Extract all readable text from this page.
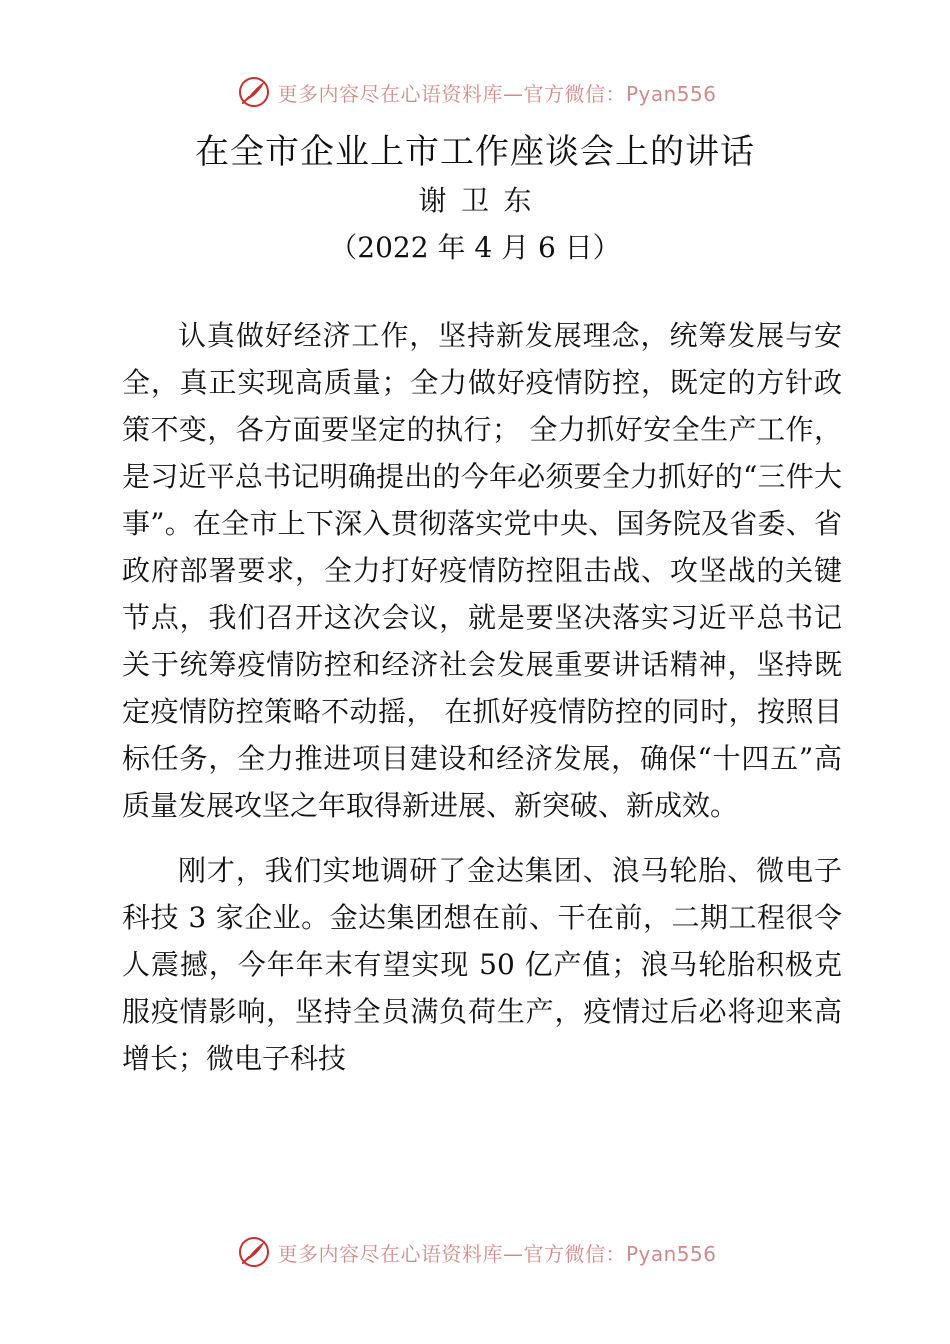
更多内容尽在心语资料库—官方微信：Pyan556
在全市企业上市工作座谈会上的讲话
谢 卫 东
（2022 年 4 月 6 日）

认真做好经济工作，坚持新发展理念，统筹发展与安全，真正实现高质量；全力做好疫情防控，既定的方针政策不变，各方面要坚定的执行； 全力抓好安全生产工作，是习近平总书记明确提出的今年必须要全力抓好的“三件大事”。在全市上下深入贯彻落实党中央、国务院及省委、省政府部署要求，全力打好疫情防控阻击战、攻坚战的关键节点，我们召开这次会议，就是要坚决落实习近平总书记关于统筹疫情防控和经济社会发展重要讲话精神，坚持既定疫情防控策略不动摇， 在抓好疫情防控的同时，按照目标任务，全力推进项目建设和经济发展，确保“十四五”高质量发展攻坚之年取得新进展、新突破、新成效。

刚才，我们实地调研了金达集团、浪马轮胎、微电子科技 3 家企业。金达集团想在前、干在前，二期工程很令人震撼，今年年末有望实现 50 亿产值；浪马轮胎积极克服疫情影响，坚持全员满负荷生产，疫情过后必将迎来高增长；微电子科技

更多内容尽在心语资料库—官方微信：Pyan556
